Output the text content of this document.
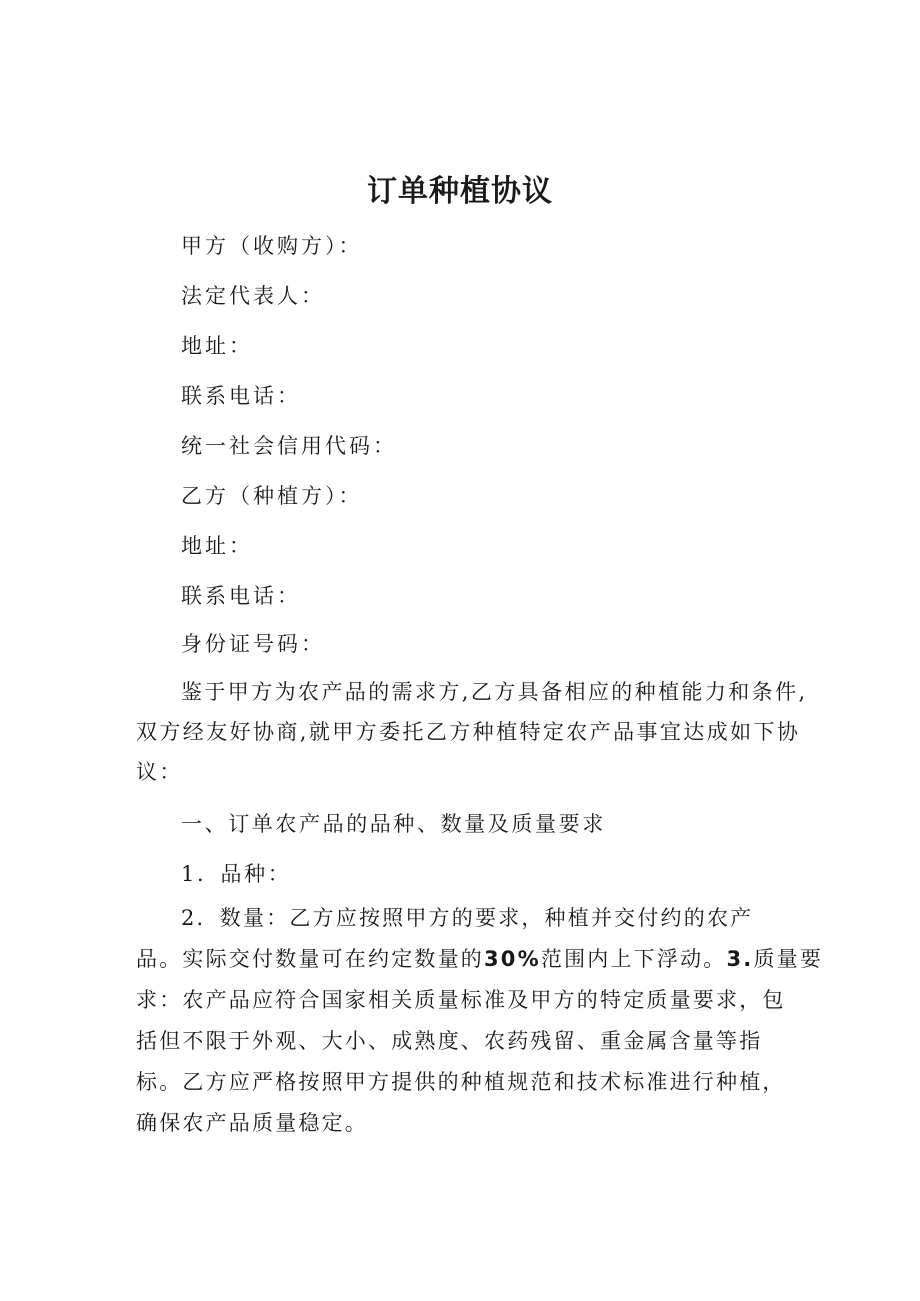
订单种植协议

甲方（收购方）：

法定代表人：

地址：

联系电话：

统一社会信用代码：

乙方（种植方）：

地址：

联系电话：

身份证号码：

鉴于甲方为农产品的需求方,乙方具备相应的种植能力和条件,
双方经友好协商,就甲方委托乙方种植特定农产品事宜达成如下协
议：

一、订单农产品的品种、数量及质量要求

1．品种：

2．数量：乙方应按照甲方的要求，种植并交付约的农产
品。实际交付数量可在约定数量的30%范围内上下浮动。3.质量要
求：农产品应符合国家相关质量标准及甲方的特定质量要求，包
括但不限于外观、大小、成熟度、农药残留、重金属含量等指
标。乙方应严格按照甲方提供的种植规范和技术标准进行种植，
确保农产品质量稳定。
